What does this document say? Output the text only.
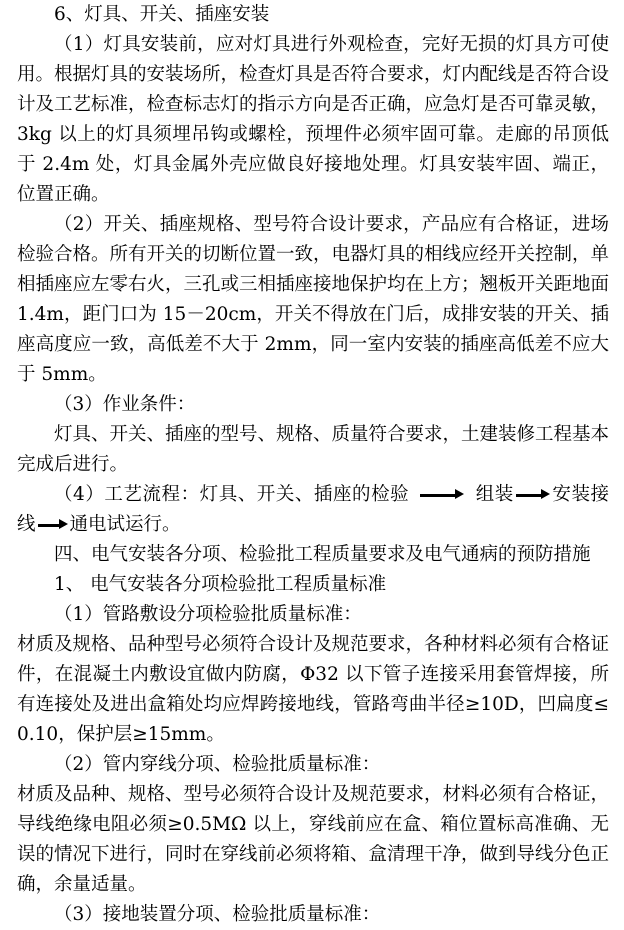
6、灯具、开关、插座安装

（1）灯具安装前，应对灯具进行外观检查，完好无损的灯具方可使用。根据灯具的安装场所，检查灯具是否符合要求，灯内配线是否符合设计及工艺标准，检查标志灯的指示方向是否正确，应急灯是否可靠灵敏，3kg 以上的灯具须埋吊钩或螺栓，预埋件必须牢固可靠。走廊的吊顶低于 2.4m 处，灯具金属外壳应做良好接地处理。灯具安装牢固、端正，位置正确。

（2）开关、插座规格、型号符合设计要求，产品应有合格证，进场检验合格。所有开关的切断位置一致，电器灯具的相线应经开关控制，单相插座应左零右火，三孔或三相插座接地保护均在上方；翘板开关距地面 1.4m，距门口为 15－20cm，开关不得放在门后，成排安装的开关、插座高度应一致，高低差不大于 2mm，同一室内安装的插座高低差不应大于 5mm。

（3）作业条件：

灯具、开关、插座的型号、规格、质量符合要求，土建装修工程基本完成后进行。

（4）工艺流程：灯具、开关、插座的检验	组装 安装接线 通电试运行。

四、电气安装各分项、检验批工程质量要求及电气通病的预防措施

1、 电气安装各分项检验批工程质量标准

（1）管路敷设分项检验批质量标准：

材质及规格、品种型号必须符合设计及规范要求，各种材料必须有合格证件，在混凝土内敷设宜做内防腐，Φ32 以下管子连接采用套管焊接，所有连接处及进出盒箱处均应焊跨接地线，管路弯曲半径≥10D，凹扁度≤0.10，保护层≥15mm。

（2）管内穿线分项、检验批质量标准：

材质及品种、规格、型号必须符合设计及规范要求，材料必须有合格证，导线绝缘电阻必须≥0.5MΩ 以上，穿线前应在盒、箱位置标高准确、无误的情况下进行，同时在穿线前必须将箱、盒清理干净，做到导线分色正确，余量适量。

（3）接地装置分项、检验批质量标准：
